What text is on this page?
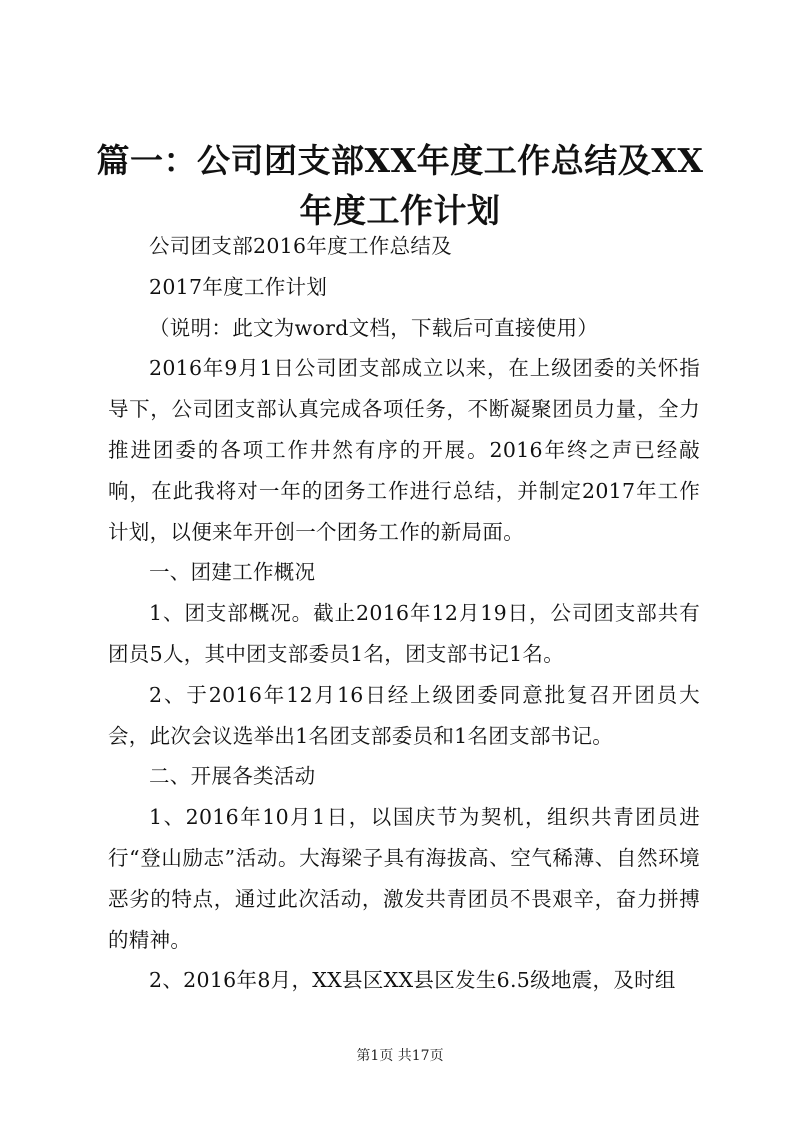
篇一：公司团支部XX年度工作总结及XX年度工作计划

公司团支部2016年度工作总结及

2017年度工作计划

（说明：此文为word文档，下载后可直接使用）

2016年9月1日公司团支部成立以来，在上级团委的关怀指导下，公司团支部认真完成各项任务，不断凝聚团员力量，全力推进团委的各项工作井然有序的开展。2016年终之声已经敲响，在此我将对一年的团务工作进行总结，并制定2017年工作计划，以便来年开创一个团务工作的新局面。

一、团建工作概况

1、团支部概况。截止2016年12月19日，公司团支部共有团员5人，其中团支部委员1名，团支部书记1名。

2、于2016年12月16日经上级团委同意批复召开团员大会，此次会议选举出1名团支部委员和1名团支部书记。

二、开展各类活动

1、2016年10月1日，以国庆节为契机，组织共青团员进行“登山励志”活动。大海梁子具有海拔高、空气稀薄、自然环境恶劣的特点，通过此次活动，激发共青团员不畏艰辛，奋力拼搏的精神。

2、2016年8月，XX县区XX县区发生6.5级地震，及时组

第1页 共17页
